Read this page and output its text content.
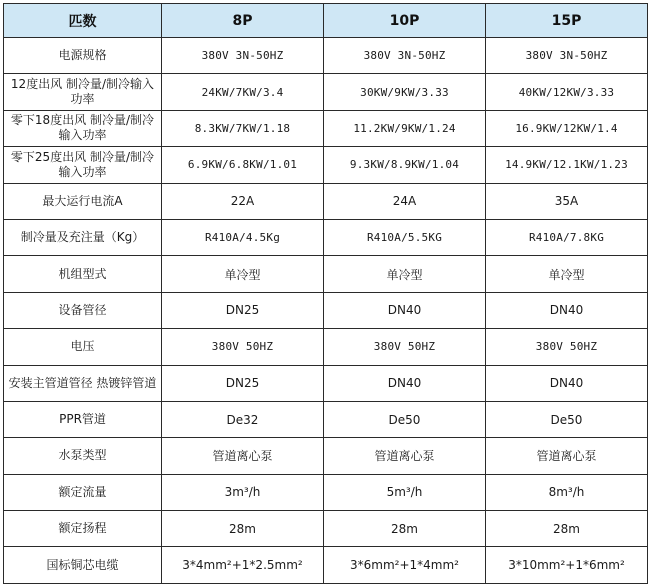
匹数	8P	10P	15P
电源规格	380V 3N-50HZ	380V 3N-50HZ	380V 3N-50HZ
12度出风 制冷量/制冷输入功率	24KW/7KW/3.4	30KW/9KW/3.33	40KW/12KW/3.33
零下18度出风 制冷量/制冷输入功率	8.3KW/7KW/1.18	11.2KW/9KW/1.24	16.9KW/12KW/1.4
零下25度出风 制冷量/制冷输入功率	6.9KW/6.8KW/1.01	9.3KW/8.9KW/1.04	14.9KW/12.1KW/1.23
最大运行电流A	22A	24A	35A
制冷量及充注量（Kg）	R410A/4.5Kg	R410A/5.5KG	R410A/7.8KG
机组型式	单冷型	单冷型	单冷型
设备管径	DN25	DN40	DN40
电压	380V 50HZ	380V 50HZ	380V 50HZ
安装主管道管径 热镀锌管道	DN25	DN40	DN40
PPR管道	De32	De50	De50
水泵类型	管道离心泵	管道离心泵	管道离心泵
额定流量	3m³/h	5m³/h	8m³/h
额定扬程	28m	28m	28m
国标铜芯电缆	3*4mm²+1*2.5mm²	3*6mm²+1*4mm²	3*10mm²+1*6mm²
